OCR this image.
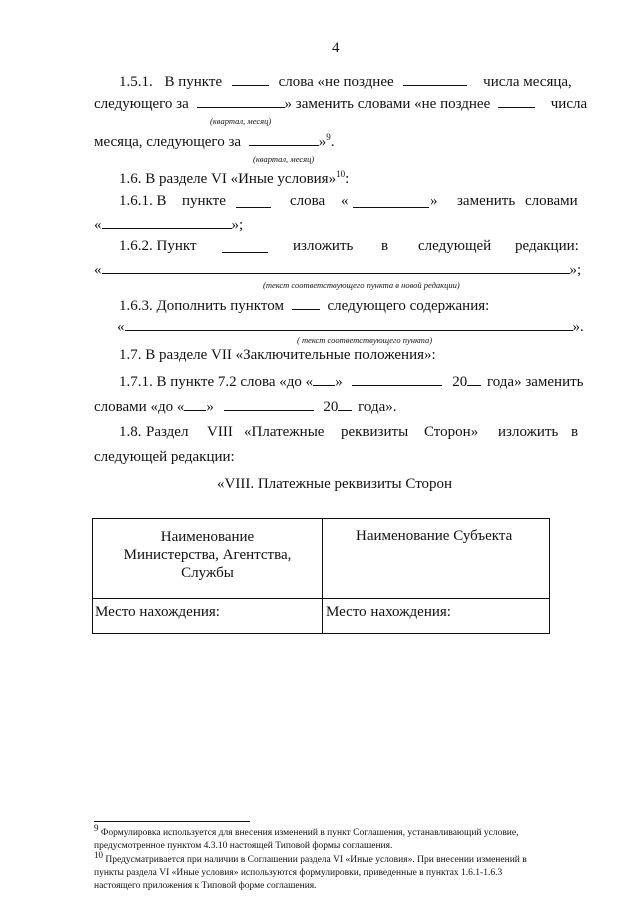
4
1.5.1. В пункте	слова «не позднее	числа месяца,
следующего за	» заменить словами «не позднее	числа
(квартал, месяц)
месяца, следующего за	»$^9$.
(квартал, месяц)
1.6. В разделе VI «Иные условия»$^{10}$:
1.6.1. В пункте	слова «	» заменить словами
«	»;
1.6.2. Пункт	изложить в следующей редакции:
«	»;
(текст соответствующего пункта в новой редакции)
1.6.3. Дополнить пунктом	следующего содержания:
«	».
( текст соответствующего пункта)
1.7. В разделе VII «Заключительные положения»:
1.7.1. В пункте 7.2 слова «до « »	20 года» заменить
словами «до « »	20 года».
1.8. Раздел VIII «Платежные реквизиты Сторон» изложить в
следующей редакции:
«VIII. Платежные реквизиты Сторон
Наименование
Министерства, Агентства,
Службы	Наименование Субъекта

Место нахождения:	Место нахождения:
$^9$ Формулировка используется для внесения изменений в пункт Соглашения, устанавливающий условие,
предусмотренное пунктом 4.3.10 настоящей Типовой формы соглашения.
$^{10}$ Предусматривается при наличии в Соглашении раздела VI «Иные условия». При внесении изменений в
пункты раздела VI «Иные условия» используются формулировки, приведенные в пунктах 1.6.1-1.6.3
настоящего приложения к Типовой форме соглашения.
